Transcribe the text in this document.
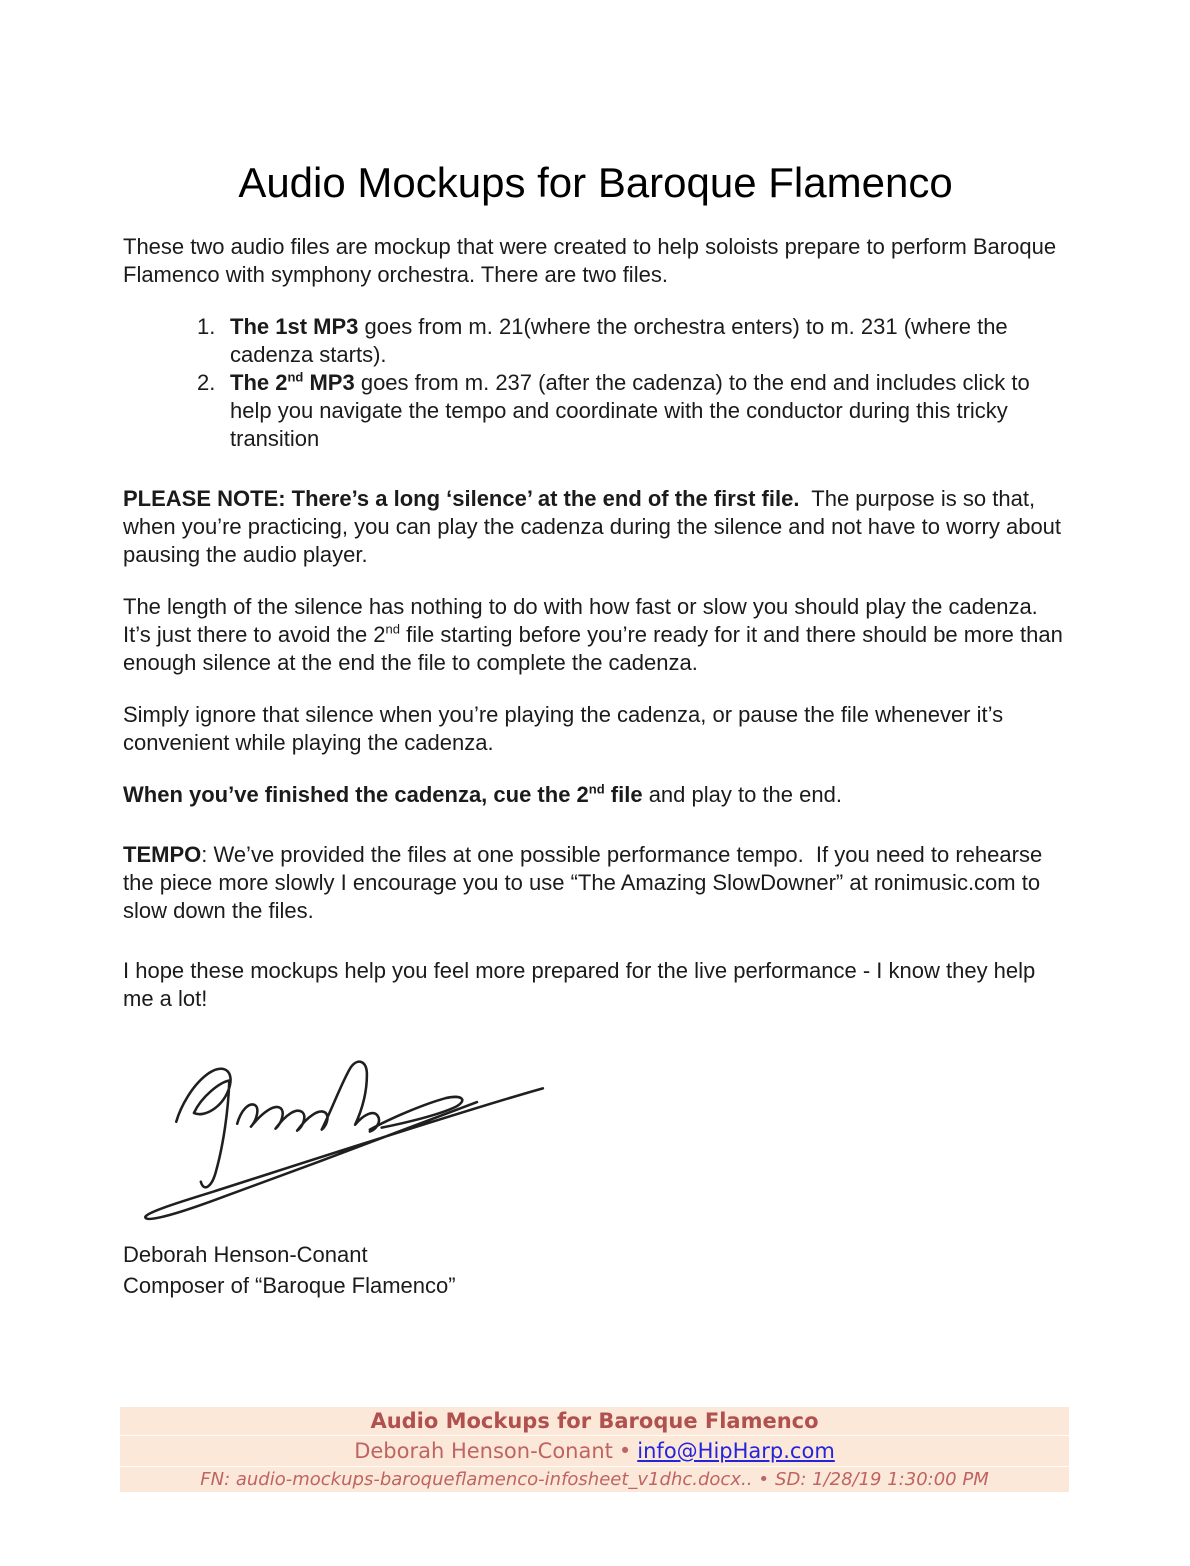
Audio Mockups for Baroque Flamenco

These two audio files are mockup that were created to help soloists prepare to perform Baroque Flamenco with symphony orchestra. There are two files.

1. The 1st MP3 goes from m. 21(where the orchestra enters) to m. 231 (where the cadenza starts).
2. The 2nd MP3 goes from m. 237 (after the cadenza) to the end and includes click to help you navigate the tempo and coordinate with the conductor during this tricky transition

PLEASE NOTE: There’s a long ‘silence’ at the end of the first file.  The purpose is so that, when you’re practicing, you can play the cadenza during the silence and not have to worry about pausing the audio player.

The length of the silence has nothing to do with how fast or slow you should play the cadenza. It’s just there to avoid the 2nd file starting before you’re ready for it and there should be more than enough silence at the end the file to complete the cadenza.

Simply ignore that silence when you’re playing the cadenza, or pause the file whenever it’s convenient while playing the cadenza.

When you’ve finished the cadenza, cue the 2nd file and play to the end.

TEMPO: We’ve provided the files at one possible performance tempo.  If you need to rehearse the piece more slowly I encourage you to use “The Amazing SlowDowner” at ronimusic.com to slow down the files.

I hope these mockups help you feel more prepared for the live performance - I know they help me a lot!

Deborah Henson-Conant
Composer of “Baroque Flamenco”

Audio Mockups for Baroque Flamenco
Deborah Henson-Conant • info@HipHarp.com
FN: audio-mockups-baroqueflamenco-infosheet_v1dhc.docx.. • SD: 1/28/19 1:30:00 PM
